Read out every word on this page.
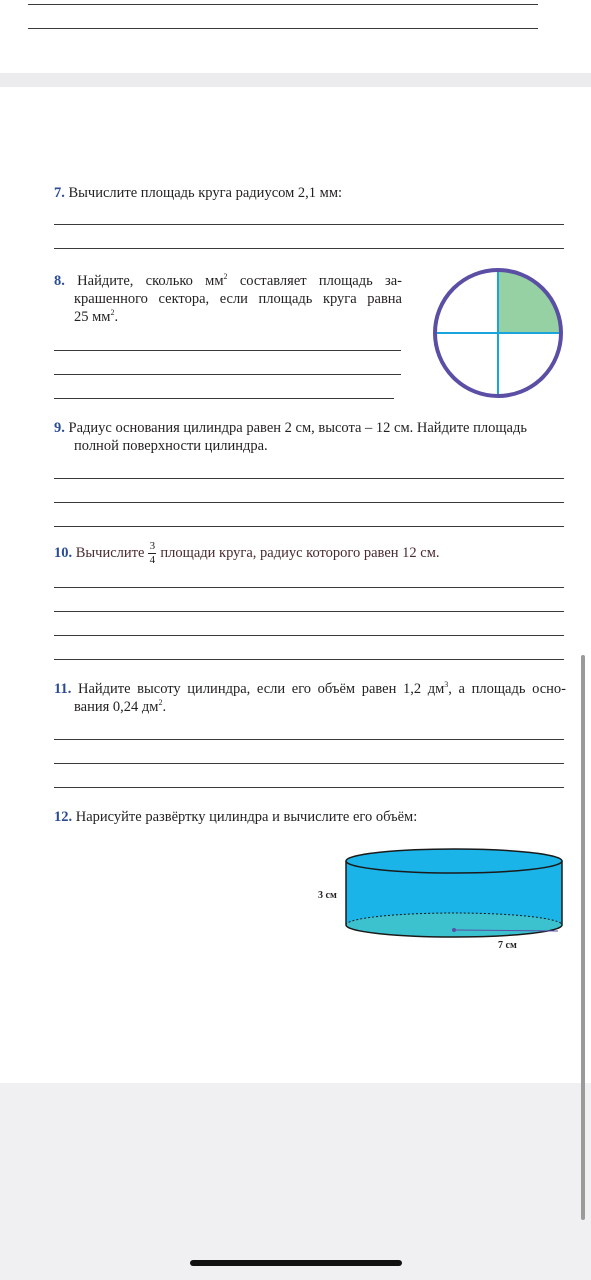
7. Вычислите площадь круга радиусом 2,1 мм:
8. Найдите, сколько $мм^2$ составляет площадь за-
крашенного сектора, если площадь круга равна
25 $мм^2$.
9. Радиус основания цилиндра равен 2 см, высота – 12 см. Найдите площадь
полной поверхности цилиндра.
10. Вычислите $\frac{3}{4}$ площади круга, радиус которого равен 12 см.
11. Найдите высоту цилиндра, если его объём равен 1,2 $дм^3$, а площадь осно-
вания 0,24 $дм^2$.
12. Нарисуйте развёртку цилиндра и вычислите его объём:
3 см
7 см
